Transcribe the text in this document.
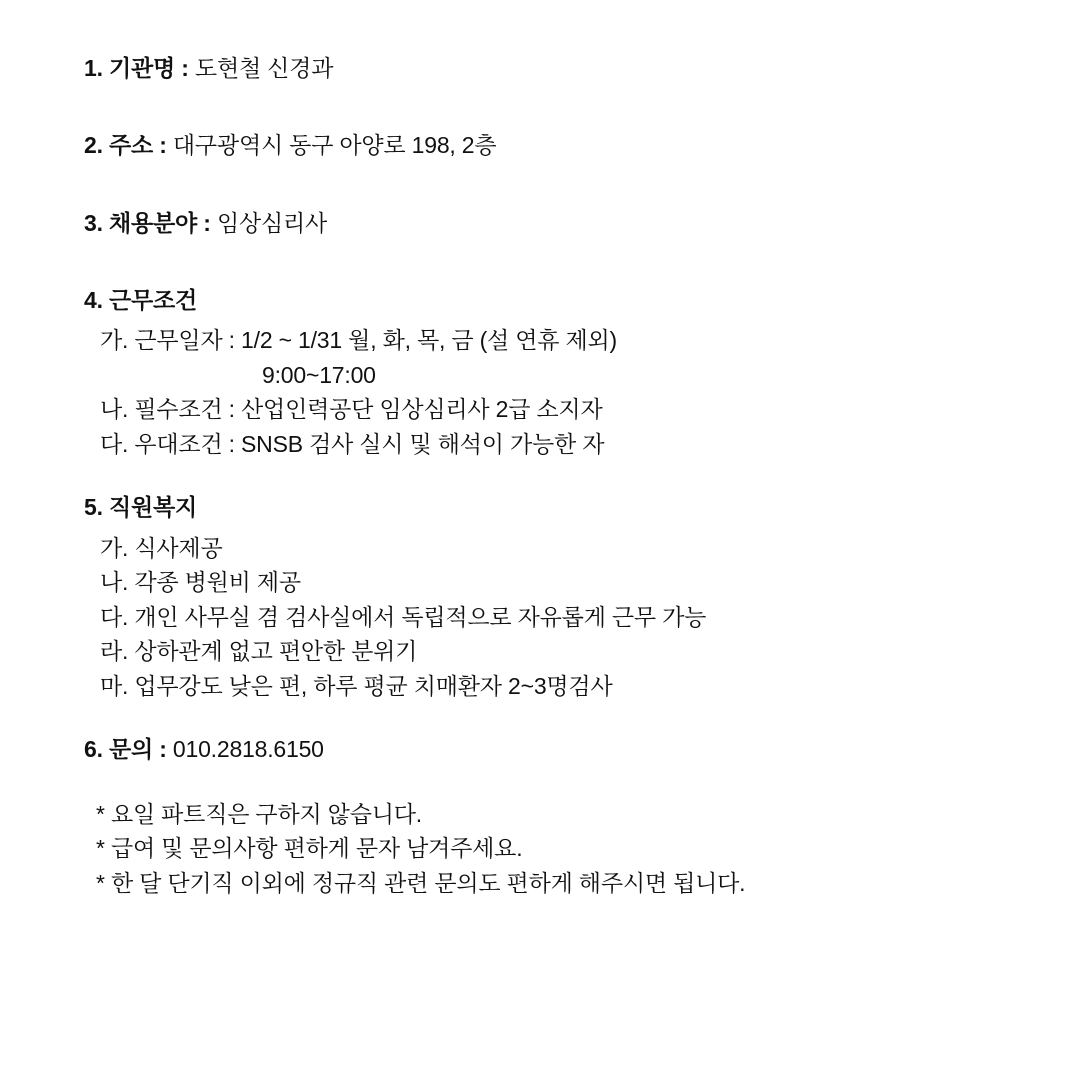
1. 기관명 : 도현철 신경과
2. 주소 : 대구광역시 동구 아양로 198, 2층
3. 채용분야 : 임상심리사
4. 근무조건
가. 근무일자 : 1/2 ~ 1/31 월, 화, 목, 금 (설 연휴 제외)
9:00~17:00
나. 필수조건 : 산업인력공단 임상심리사 2급 소지자
다. 우대조건 : SNSB 검사 실시 및 해석이 가능한 자
5. 직원복지
가. 식사제공
나. 각종 병원비 제공
다. 개인 사무실 겸 검사실에서 독립적으로 자유롭게 근무 가능
라. 상하관계 없고 편안한 분위기
마. 업무강도 낮은 편, 하루 평균 치매환자 2~3명검사
6. 문의 : 010.2818.6150
* 요일 파트직은 구하지 않습니다.
* 급여 및 문의사항 편하게 문자 남겨주세요.
* 한 달 단기직 이외에 정규직 관련 문의도 편하게 해주시면 됩니다.
